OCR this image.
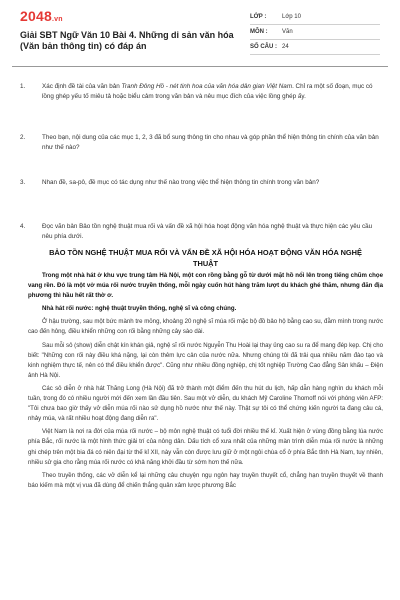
2048.vn
Giải SBT Ngữ Văn 10 Bài 4. Những di sản văn hóa (Văn bản thông tin) có đáp án
LỚP :	Lớp 10
MÔN :	Văn
SỐ CÂU : 24
1.	Xác định đề tài của văn bản Tranh Đông Hồ - nét tinh hoa của văn hóa dân gian Việt Nam. Chỉ ra một số đoạn, mục có lồng ghép yếu tố miêu tả hoặc biểu cảm trong văn bản và nêu mục đích của việc lồng ghép ấy.
2.	Theo bạn, nội dung của các mục 1, 2, 3 đã bổ sung thông tin cho nhau và góp phần thể hiện thông tin chính của văn bản như thế nào?
3.	Nhan đề, sa-pô, đề mục có tác dụng như thế nào trong việc thể hiện thông tin chính trong văn bản?
4.	Đọc văn bản Bảo tồn nghệ thuật mua rối và vấn đề xã hội hóa hoạt động văn hóa nghệ thuật và thực hiện các yêu cầu nêu phía dưới.
BẢO TỒN NGHỆ THUẬT MUA RỐI VÀ VẤN ĐỀ XÃ HỘI HÓA HOẠT ĐỘNG VĂN HÓA NGHỆ THUẬT

Trong một nhà hát ở khu vực trung tâm Hà Nội, một con rồng bằng gỗ từ dưới mặt hồ nổi lên trong tiếng chũm chọe vang rền. Đó là một vở múa rối nước truyền thống, mỗi ngày cuốn hút hàng trăm lượt du khách ghé thăm, nhưng đăn địa phương thì hầu hết rất thờ ơ.

Nhà hát rối nước: nghệ thuật truyền thống, nghệ sĩ và công chúng.

Ở hậu trường, sau một bức mành tre mỏng, khoảng 20 nghệ sĩ múa rối mặc bộ đồ bảo hộ bằng cao su, đằm mình trong nước cao đến hông, điều khiển những con rối bằng những cây sào dài.

Sau mỗi sô (show) diễn chật kín khán giả, nghệ sĩ rối nước Nguyễn Thu Hoài lại thay ủng cao su ra để mang đép kẹp. Chị cho biết: "Những con rối này điều khá nặng, lại còn thêm lực cản của nước nữa. Nhưng chúng tôi đã trải qua nhiều năm đào tạo và kinh nghiệm thực tế, nên có thể điều khiển được". Cũng như nhiều đồng nghiệp, chị tốt nghiệp Trường Cao đẳng Sân khấu – Điện ảnh Hà Nội.

Các sô diễn ở nhà hát Thăng Long (Hà Nội) đã trở thành một điểm đến thu hút du lịch, hấp dẫn hàng nghìn du khách mỗi tuần, trong đó có nhiều người mới đến xem lần đầu tiên. Sau một vở diễn, du khách Mỹ Caroline Thomoff nói với phóng viên AFP: "Tôi chưa bao giờ thấy vở diễn múa rối nào sử dụng hồ nước như thế này. Thật sự tôi có thể chứng kiến người ta đang câu cá, nhảy múa, và rất nhiều hoạt động đang diễn ra".

Việt Nam là nơi ra đời của múa rối nước – bộ môn nghệ thuật có tuổi đời nhiều thế kỉ. Xuất hiện ở vùng đồng bằng lúa nước phía Bắc, rối nước là một hình thức giải trí của nông dân. Dấu tích cổ xưa nhất của những màn trình diễn múa rối nước là những ghi chép trên một bia đá có niên đại từ thế kỉ XII, này vẫn còn được lưu giữ ở một ngôi chùa cổ ở phía Bắc tỉnh Hà Nam, tuy nhiên, nhiều sử gia cho rằng múa rối nước có khả năng khởi đầu từ sớm hơn thế nữa.

Theo truyền thống, các vở diễn kể lại những câu chuyện ngụ ngôn hay truyền thuyết cổ, chẳng hạn truyền thuyết về thanh báo kiếm mà một vị vua đã dùng để chiến thắng quân xâm lược phương Bắc
